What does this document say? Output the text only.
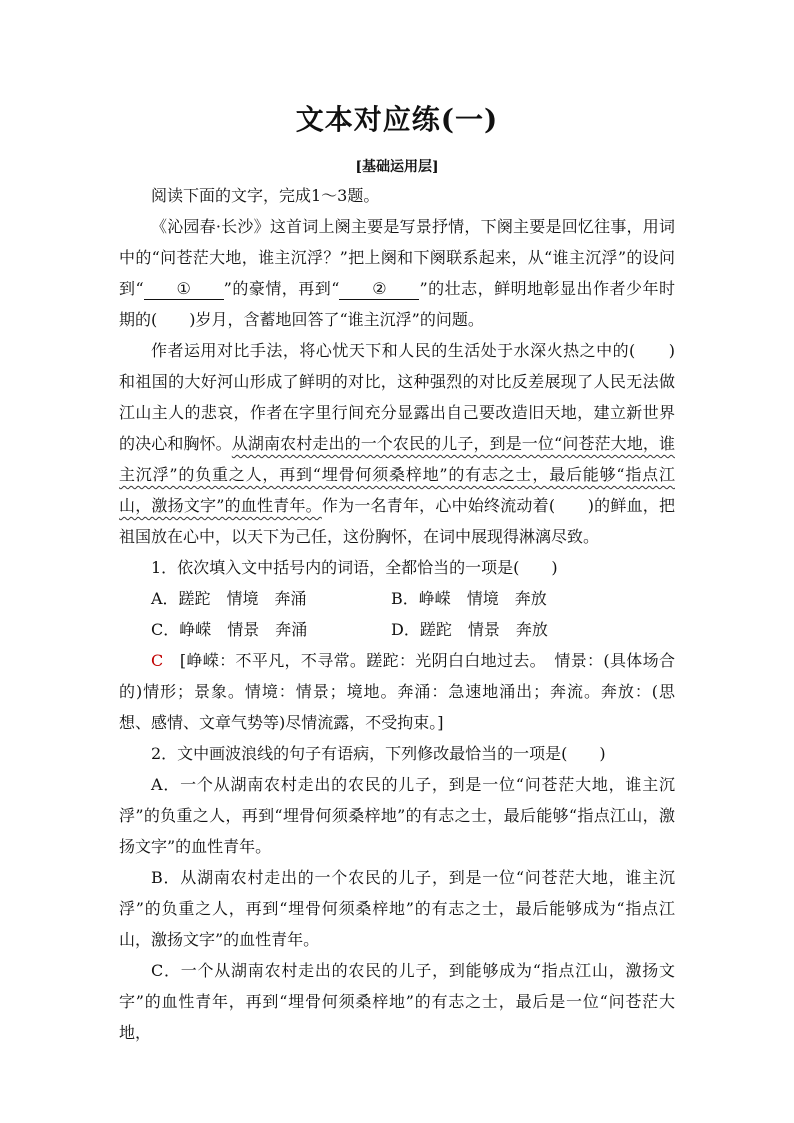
文本对应练(一)
[基础运用层]

阅读下面的文字，完成1～3题。

《沁园春·长沙》这首词上阕主要是写景抒情，下阕主要是回忆往事，用词中的“问苍茫大地，谁主沉浮？”把上阕和下阕联系起来，从“谁主沉浮”的设问到“ ① ”的豪情，再到“ ② ”的壮志，鲜明地彰显出作者少年时期的(　　)岁月，含蓄地回答了“谁主沉浮”的问题。

作者运用对比手法，将心忧天下和人民的生活处于水深火热之中的(　　)和祖国的大好河山形成了鲜明的对比，这种强烈的对比反差展现了人民无法做江山主人的悲哀，作者在字里行间充分显露出自己要改造旧天地，建立新世界的决心和胸怀。从湖南农村走出的一个农民的儿子，到是一位“问苍茫大地，谁主沉浮”的负重之人，再到“埋骨何须桑梓地”的有志之士，最后能够“指点江山，激扬文字”的血性青年。作为一名青年，心中始终流动着(　　)的鲜血，把祖国放在心中，以天下为己任，这份胸怀，在词中展现得淋漓尽致。

1．依次填入文中括号内的词语，全都恰当的一项是(　　)

A．蹉跎　情境　奔涌	B．峥嵘　情境　奔放
C．峥嵘　情景　奔涌	D．蹉跎　情景　奔放

C　[峥嵘：不平凡，不寻常。蹉跎：光阴白白地过去。　情景：(具体场合的)情形；景象。情境：情景；境地。奔涌：急速地涌出；奔流。奔放：(思想、感情、文章气势等)尽情流露，不受拘束。]

2．文中画波浪线的句子有语病，下列修改最恰当的一项是(　　)

A．一个从湖南农村走出的农民的儿子，到是一位“问苍茫大地，谁主沉浮”的负重之人，再到“埋骨何须桑梓地”的有志之士，最后能够“指点江山，激扬文字”的血性青年。

B．从湖南农村走出的一个农民的儿子，到是一位“问苍茫大地，谁主沉浮”的负重之人，再到“埋骨何须桑梓地”的有志之士，最后能够成为“指点江山，激扬文字”的血性青年。

C．一个从湖南农村走出的农民的儿子，到能够成为“指点江山，激扬文字”的血性青年，再到“埋骨何须桑梓地”的有志之士，最后是一位“问苍茫大地，
